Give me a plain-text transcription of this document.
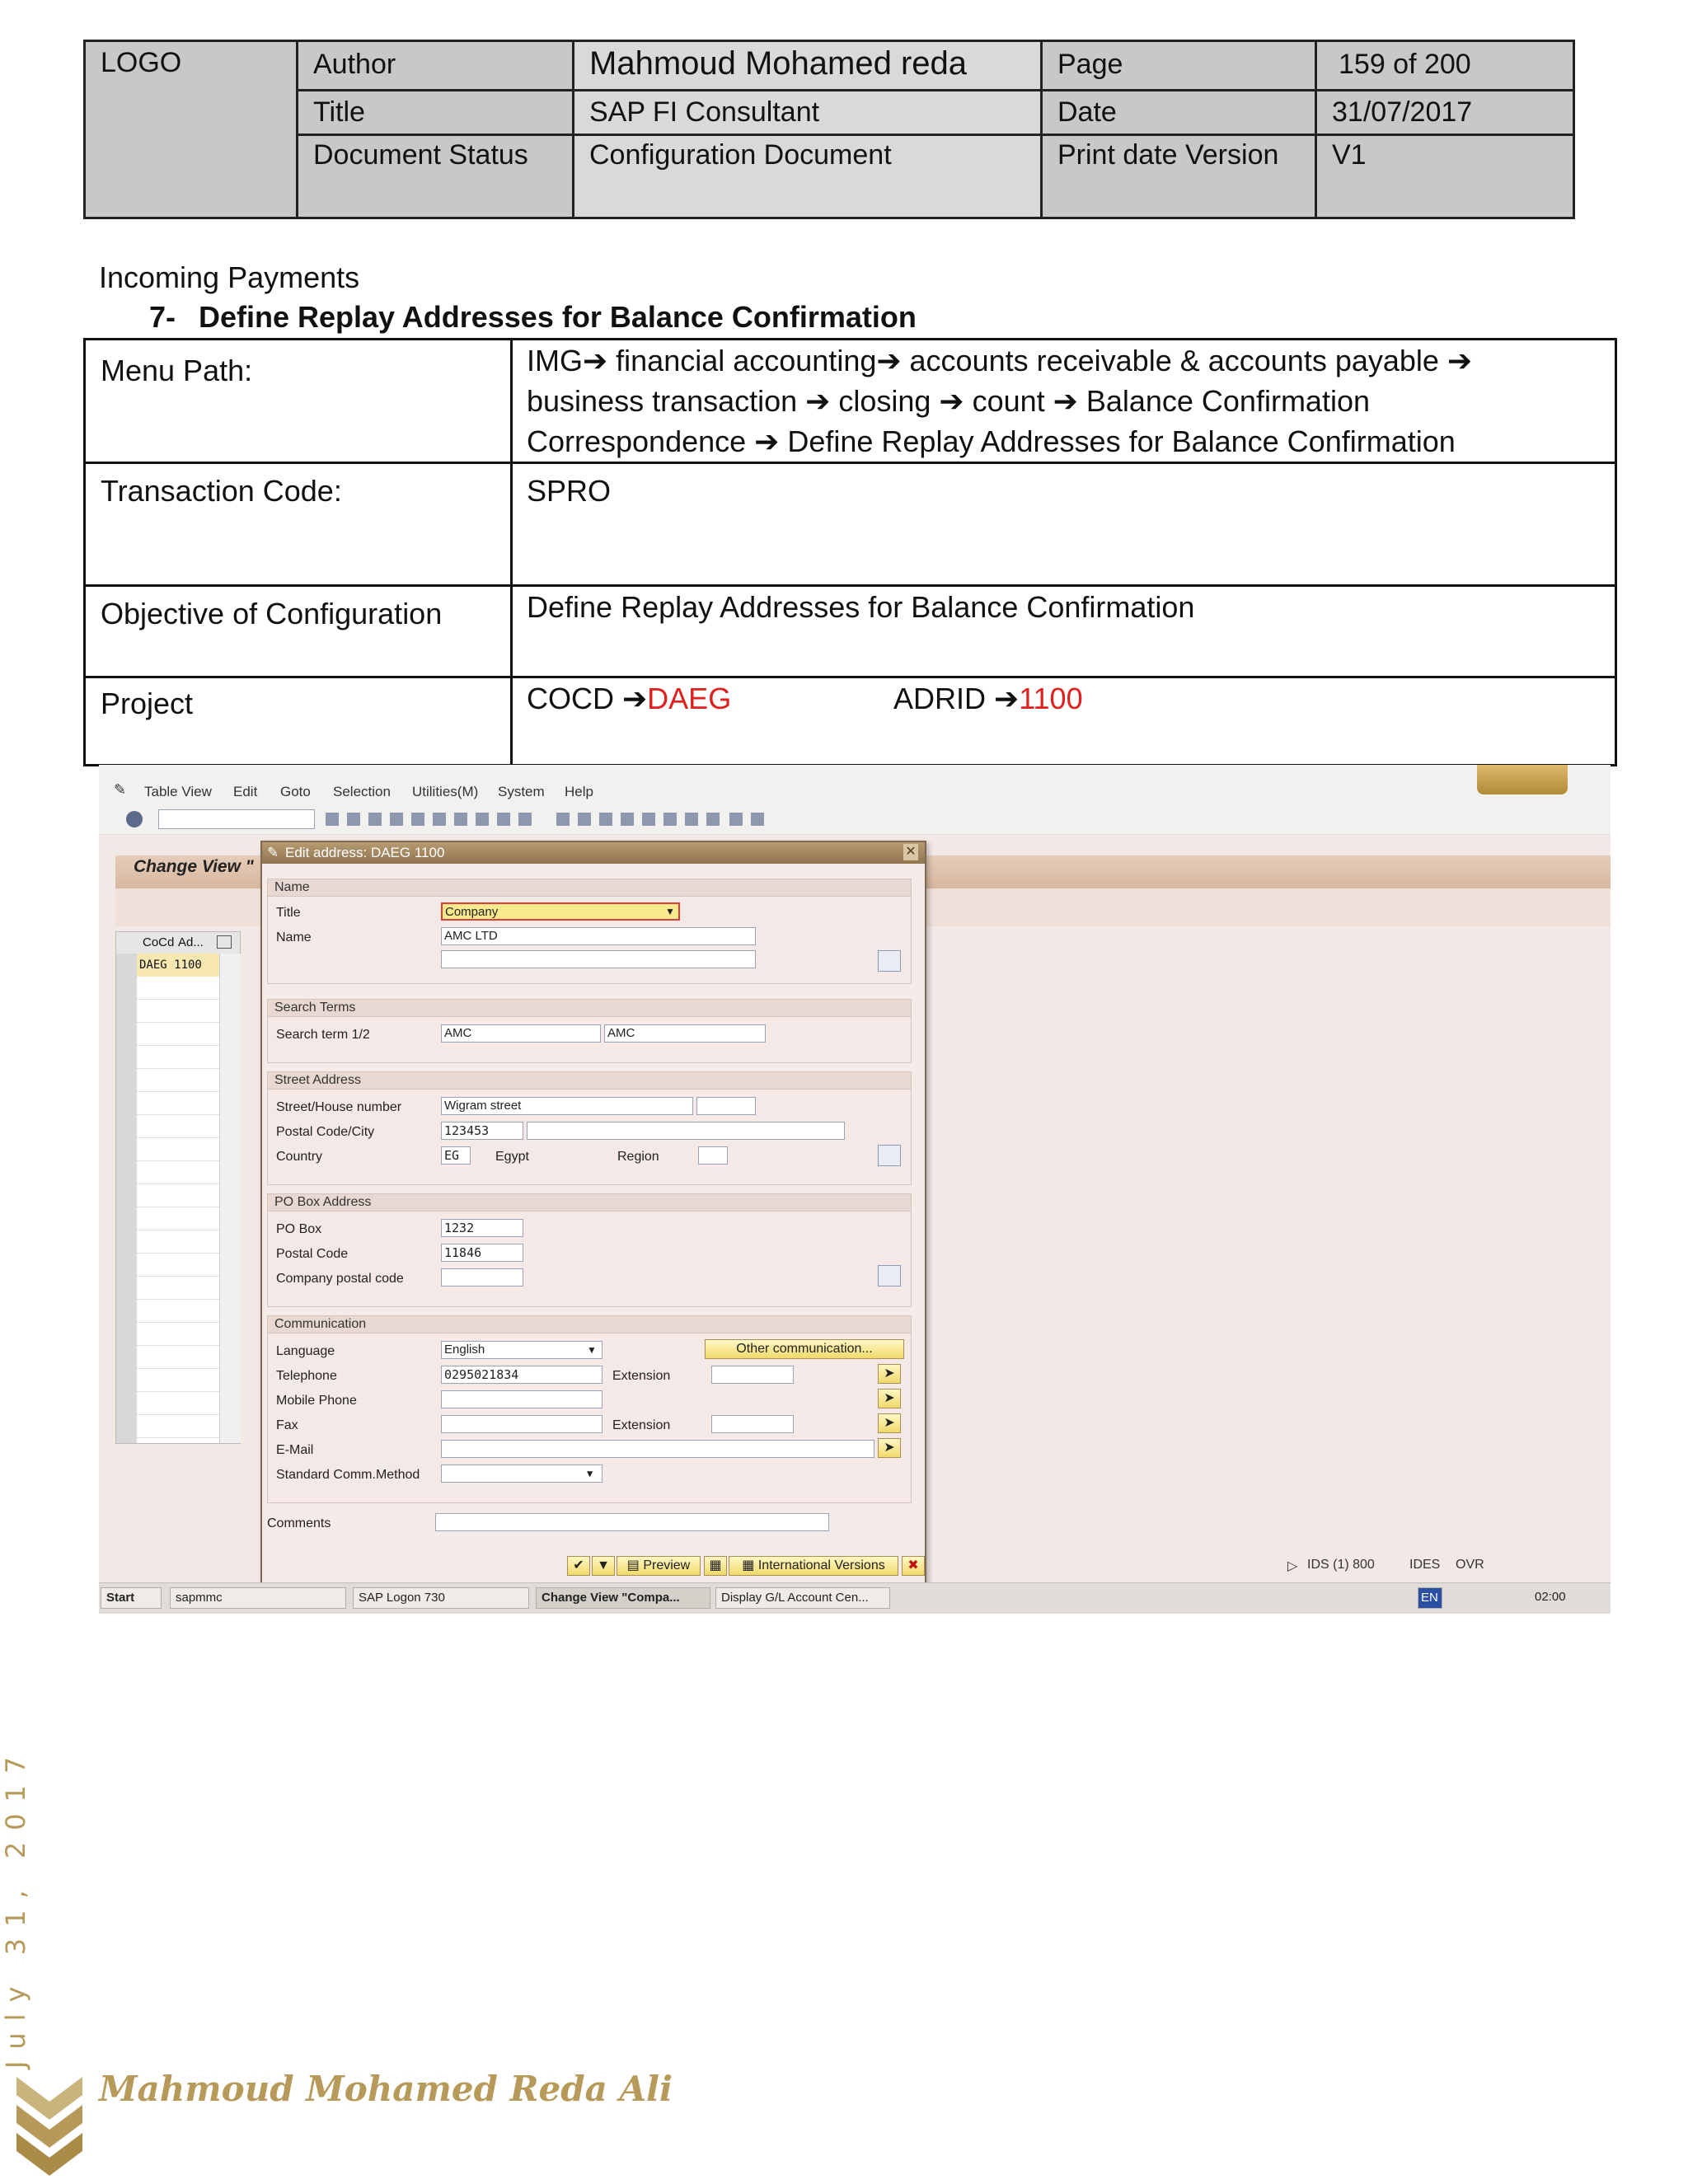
LOGO	Author	Mahmoud Mohamed reda	Page	159 of 200
Title	SAP FI Consultant	Date	31/07/2017
Document Status	Configuration Document	Print date Version	V1
Incoming Payments
7- Define Replay Addresses for Balance Confirmation
Menu Path:	IMG➔ financial accounting➔ accounts receivable & accounts payable ➔
business transaction ➔ closing ➔ count ➔ Balance Confirmation
Correspondence ➔ Define Replay Addresses for Balance Confirmation
Transaction Code:	SPRO
Objective of Configuration	Define Replay Addresses for Balance Confirmation
Project	COCD ➔DAEG	ADRID ➔1100
✎ Table View Edit Goto Selection Utilities(M) System Help
Change View "
CoCd Ad...
DAEG 1100
✎ Edit address: DAEG 1100	✕
Name
Title	Company	▼
Name	AMC LTD
Search Terms
Search term 1/2	AMC	AMC
Street Address
Street/House number	Wigram street
Postal Code/City	123453
Country	EG	Egypt	Region
PO Box Address
PO Box	1232
Postal Code	11846
Company postal code
Communication
Language	English	▼	Other communication...
Telephone	0295021834	Extension	➤
Mobile Phone	➤
Fax	Extension	➤
E-Mail	➤
Standard Comm.Method	▼
Comments
✔ ▼	▤ Preview	▦	▦ International Versions	✖	▷ IDS (1) 800	IDES OVR
Start	sapmmc	SAP Logon 730	Change View "Compa...	Display G/L Account Cen...	EN	02:00
July 31, 2017
Mahmoud Mohamed Reda Ali
